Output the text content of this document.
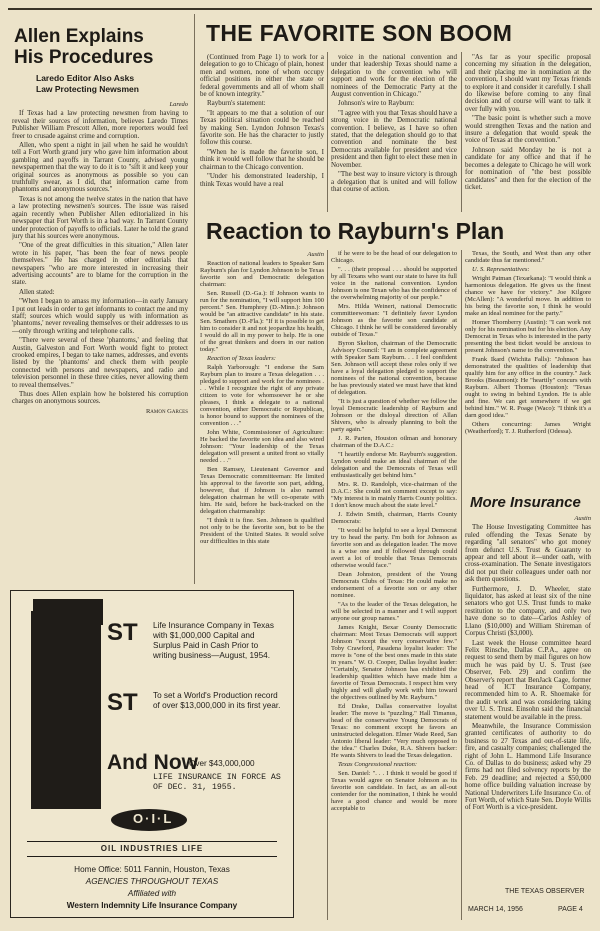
Allen Explains
His Procedures
Laredo Editor Also Asks
Law Protecting Newsmen
Laredo

If Texas had a law protecting newsmen from having to reveal their sources of information, believes Laredo Times Publisher William Prescott Allen, more reporters would feel freer to crusade against crime and corruption.

Allen, who spent a night in jail when he said he wouldn't tell a Fort Worth grand jury who gave him information about gambling and payoffs in Tarrant County, advised young newspapermen that the way to do it is to "sift it and keep your original sources as anonymous as possible so you can truthfully swear, as I did, that information came from phantoms and anonymous sources."

Texas is not among the twelve states in the nation that have a law protecting newsmen's sources. The issue was raised again recently when Publisher Allen editorialized in his newspaper that Fort Worth is in a bad way. In Tarrant County under protection of payoffs to officials. Later he told the grand jury that his sources were anonymous.

"One of the great difficulties in this situation," Allen later wrote in his paper, "has been the fear of news people themselves." He has charged in other editorials that newspapers "who are more interested in increasing their advertising accounts" are to blame for the corruption in the state.

Allen stated:

"When I began to amass my information—in early January I put out leads in order to get informants to contact me and my staff; sources which would supply us with information as 'phantoms,' never revealing themselves or their addresses to us—only through writing and telephone calls.

"There were several of these 'phantoms,' and feeling that Austin, Galveston and Fort Worth would fight to protect crooked empires, I began to take names, addresses, and events listed by the 'phantoms' and check them with people connected with persons and newspapers, and radio and television personnel in these three cities, never allowing them to reveal themselves."

Thus does Allen explain how he bolstered his corruption charges on anonymous sources.

Ramon Garces
THE FAVORITE SON BOOM

(Continued from Page 1) to work for a delegation to go to Chicago of plain, honest men and women, none of whom occupy official positions in either the state or federal governments and all of whom shall be of known integrity."

Rayburn's statement:

"It appears to me that a solution of our Texas political situation could be reached by making Sen. Lyndon Johnson Texas's favorite son. He has the character to justly follow this course.

"When he is made the favorite son, I think it would well follow that he should be chairman to the Chicago convention.

"Under his demonstrated leadership, I think Texas would have a real

voice in the national convention and under that leadership Texas should name a delegation to the convention who will support and work for the election of the nominees of the Democratic Party at the August convention in Chicago."

Johnson's wire to Rayburn:

"I agree with you that Texas should have a strong voice in the Democratic national convention. I believe, as I have so often stated, that the delegation should go to that convention and nominate the best Democrats available for president and vice president and then fight to elect these men in November.

"The best way to insure victory is through a delegation that is united and will follow that course of action.

"As far as your specific proposal concerning my situation in the delegation, and their placing me in nomination at the convention, I should want my Texas friends to explore it and consider it carefully. I shall do likewise before coming to any final decision and of course will want to talk it over fully with you.

"The basic point is whether such a move would strengthen Texas and the nation and insure a delegation that would speak the voice of Texas at the convention."

Johnson said Monday he is not a candidate for any office and that if he becomes a delegate to Chicago he will work for nomination of "the best possible candidates" and then for the election of the ticket.

Reaction to Rayburn's Plan
Austin

Reaction of national leaders to Speaker Sam Rayburn's plan for Lyndon Johnson to be Texas favorite son and Democratic delegation chairman:

Sen. Russell (D.-Ga.): If Johnson wants to run for the nomination, "I will support him 100 percent." Sen. Humphrey (D.-Minn.): Johnson would be "an attractive candidate" in his state. Sen. Smathers (D.-Fla.): "If it is possible to get him to consider it and not jeopardize his health, I would do all in my power to help. He is one of the great thinkers and doers in our nation today."

Reaction of Texas leaders:

Ralph Yarborough: "I endorse the Sam Rayburn plan to insure a Texas delegation . . . pledged to support and work for the nominees . . . While I recognize the right of any private citizen to vote for whomsoever he or she pleases, I think a delegate to a national convention, either Democratic or Republican, is honor bound to support the nominees of the convention . . ."

John White, Commissioner of Agriculture: He backed the favorite son idea and also wired Johnson: "Your leadership of the Texas delegation will present a united front so vitally needed . . ."

Ben Ramsey, Lieutenant Governor and Texas Democratic committeeman: He limited his approval to the favorite son part, adding, however, that if Johnson is also named delegation chairman he will co-operate with him. He said, before he back-tracked on the delegation chairmanship:

"I think it is fine. Sen. Johnson is qualified not only to be the favorite son, but to be the President of the United States. It would solve our difficulties in this state

if he were to be the head of our delegation to Chicago.

". . . (their proposal . . . should be supported by all Texans who want our state to have its full voice in the national convention. Lyndon Johnson is one Texan who has the confidence of the overwhelming majority of our people."

Mrs. Hilda Weinert, national Democratic committeewoman: "I definitely favor Lyndon Johnson as the favorite son candidate at Chicago. I think he will be considered favorably outside of Texas."

Byron Skelton, chairman of the Democratic Advisory Council: "I am in complete agreement with Speaker Sam Rayburn. . . I feel confident Sen. Johnson will accept these roles only if we have a loyal delegation pledged to support the nominees of the national convention, because he has previously stated we must have that kind of delegation.

"It is just a question of whether we follow the loyal Democratic leadership of Rayburn and Johnson or the disloyal direction of Allan Shivers, who is already planning to bolt the party again."

J. R. Parten, Houston oilman and honorary chairman of the D.A.C.:

"I heartily endorse Mr. Rayburn's suggestion. Lyndon would make an ideal chairman of the delegation and the Democrats of Texas will enthusiastically get behind him."

Mrs. R. D. Randolph, vice-chairman of the D.A.C.: She could not comment except to say: "My interest is in mainly Harris County politics. I don't know much about the state level."

J. Edwin Smith, chairman, Harris County Democrats:

"It would be helpful to see a loyal Democrat try to head the party. I'm both for Johnson as favorite son and as delegation leader. The move is a wise one and if followed through could avert a lot of trouble that Texas Democrats otherwise would face."

Dean Johnston, president of the Young Democrats Clubs of Texas: He could make no endorsement of a favorite son or any other nominee.

"As to the leader of the Texas delegation, he will be selected in a manner and I will support anyone our group names."

James Knight, Bexar County Democratic chairman: Most Texas Democrats will support Johnson "except the very conservative few." Toby Crawford, Pasadena loyalist leader: The move is "one of the best ones made in this state in years." W. O. Cooper, Dallas loyalist leader: "Certainly, Senator Johnson has exhibited the leadership qualities which have made him a favorite of Texas Democrats. I respect him very highly and will gladly work with him toward the objectives outlined by Mr. Rayburn."

Ed Drake, Dallas conservative loyalist leader: The move is "puzzling." Hall Timanus, head of the conservative Young Democrats of Texas: no comment except he favors an uninstructed delegation. Elmer Wade Reed, San Antonio liberal leader: "Very much opposed to the idea." Charles Duke, R.A. Shivers backer: He wants Shivers to lead the Texas delegation.

Texas Congressional reaction:

Sen. Daniel: ". . . I think it would be good if Texas would agree on Senator Johnson as its favorite son candidate. In fact, as an all-out contender for the nomination, I think he would have a good chance and would be more acceptable to

Texas, the South, and West than any other candidate thus far mentioned."

U. S. Representatives:

Wright Patman (Texarkana): "I would think a harmonious delegation. He gives us the finest chance we have for victory." Joe Kilgore (McAllen): "A wonderful move. In addition to his being the favorite son, I think he would make an ideal nominee for the party."

Homer Thornberry (Austin): "I can work not only for his nomination but for his election. Any Democrat in Texas who is interested in the party presenting the best ticket would be anxious to present Johnson's name to the convention."

Frank Ikard (Wichita Falls): "Johnson has demonstrated the qualities of leadership that qualify him for any office in the country." Jack Brooks (Beaumont): He "heartily" concurs with Rayburn. Albert Thomas (Houston): "Texas ought to swing in behind Lyndon. He is able and fine. We can get somewhere if we get behind him." W. R. Poage (Waco): "I think it's a darn good idea."

Others concurring: James Wright (Weatherford); T. J. Rutherford (Odessa).

More Insurance
Austin

The House Investigating Committee has ruled offending the Texas Senate by regarding "all senators" who got money from defunct U.S. Trust & Guaranty to appear and tell about it—under oath, with cross-examination. The Senate investigators did not put their colleagues under oath nor ask them questions.

Furthermore, J. D. Wheeler, state liquidator, has asked at least six of the nine senators who got U.S. Trust funds to make restitution to the company, and only two have done so to date—Carlos Ashley of Llano ($10,000) and William Shireman of Corpus Christi ($3,000).

Last week the House committee heard Felix Rinsche, Dallas C.P.A., agree on request to send them by mail figures on how much he was paid by U. S. Trust (see Observer, Feb. 29) and confirm the Observer's report that BenJack Cage, former head of ICT Insurance Company, recommended him to A. R. Shoemake for the audit work and was considering taking over U. S. Trust. Einsohn said the financial statement would be available in the press.

Meanwhile, the Insurance Commission granted certificates of authority to do business to 27 Texas and out-of-state life, fire, and casualty companies; challenged the right of John L. Hammond Life Insurance Co. of Dallas to do business; asked why 29 firms had not filed solvency reports by the Feb. 29 deadline; and rejected a $50,000 home office building valuation increase by National Underwriters Life Insurance Co. of Fort Worth, of which State Sen. Doyle Willis of Fort Worth is a vice-president.

THE TEXAS OBSERVER
MARCH 14, 1956	PAGE 4
ST Life Insurance Company in Texas with $1,000,000 Capital and Surplus Paid in Cash Prior to writing business—August, 1954.
ST To set a World's Production record of over $13,000,000 in its first year.
And Now
Over $43,000,000
LIFE INSURANCE IN FORCE AS OF DEC. 31, 1955.
OIL INDUSTRIES LIFE
O·I·L
Home Office: 5011 Fannin, Houston, Texas
AGENCIES THROUGHOUT TEXAS
Affiliated with
Western Indemnity Life Insurance Company
